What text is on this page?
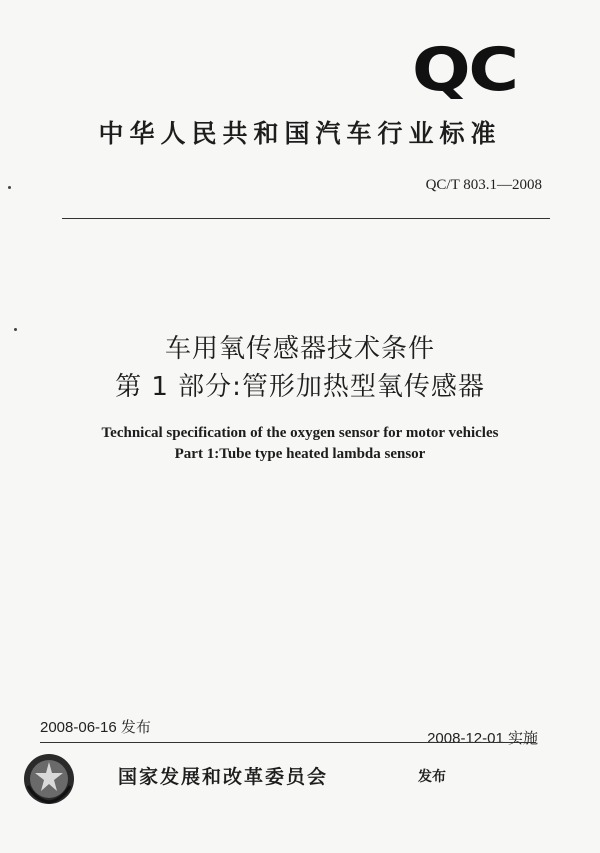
QC
中华人民共和国汽车行业标准
QC/T 803.1—2008
车用氧传感器技术条件
第 1 部分:管形加热型氧传感器
Technical specification of the oxygen sensor for motor vehicles
Part 1:Tube type heated lambda sensor
2008-06-16 发布
2008-12-01 实施
国家发展和改革委员会	发布
